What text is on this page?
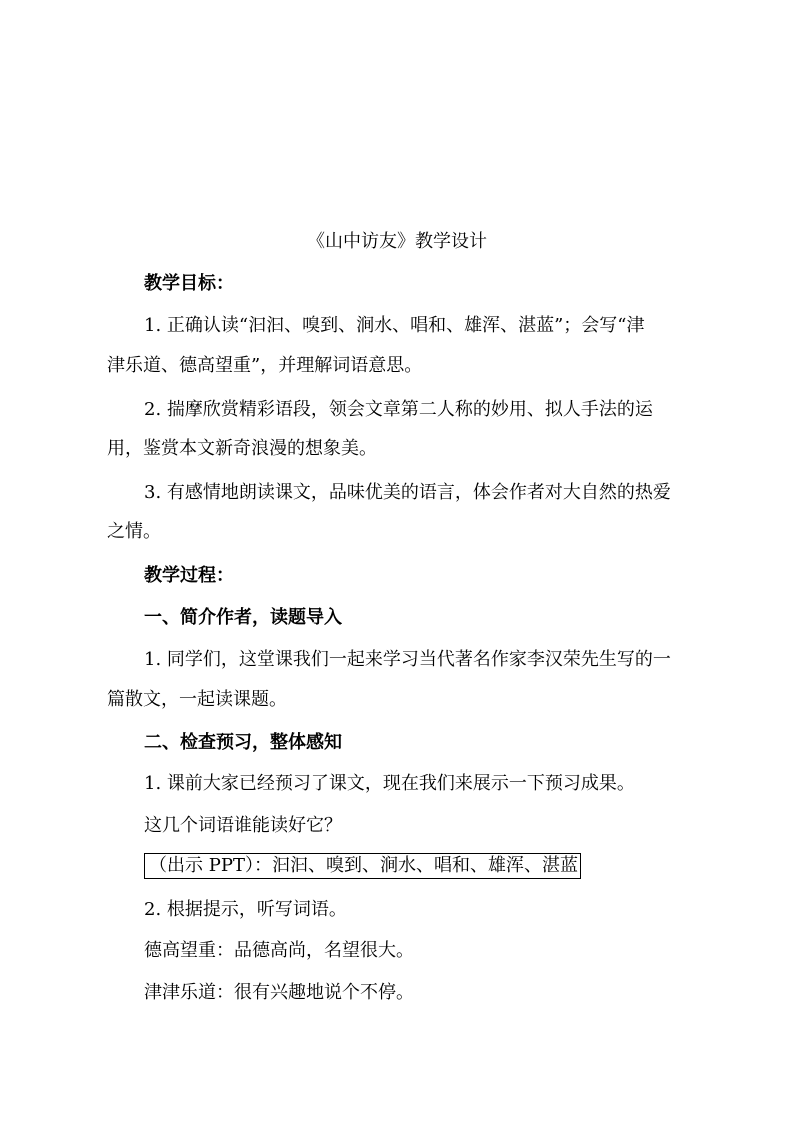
《山中访友》教学设计
教学目标：
1. 正确认读“汩汩、嗅到、涧水、唱和、雄浑、湛蓝”；会写“津
津乐道、德高望重”，并理解词语意思。
2. 揣摩欣赏精彩语段，领会文章第二人称的妙用、拟人手法的运
用，鉴赏本文新奇浪漫的想象美。
3. 有感情地朗读课文，品味优美的语言，体会作者对大自然的热爱
之情。
教学过程：
一、简介作者，读题导入
1. 同学们，这堂课我们一起来学习当代著名作家李汉荣先生写的一
篇散文，一起读课题。
二、检查预习，整体感知
1. 课前大家已经预习了课文，现在我们来展示一下预习成果。
这几个词语谁能读好它？
（出示 PPT）：汩汩、嗅到、涧水、唱和、雄浑、湛蓝
2. 根据提示，听写词语。
德高望重：品德高尚，名望很大。
津津乐道：很有兴趣地说个不停。
